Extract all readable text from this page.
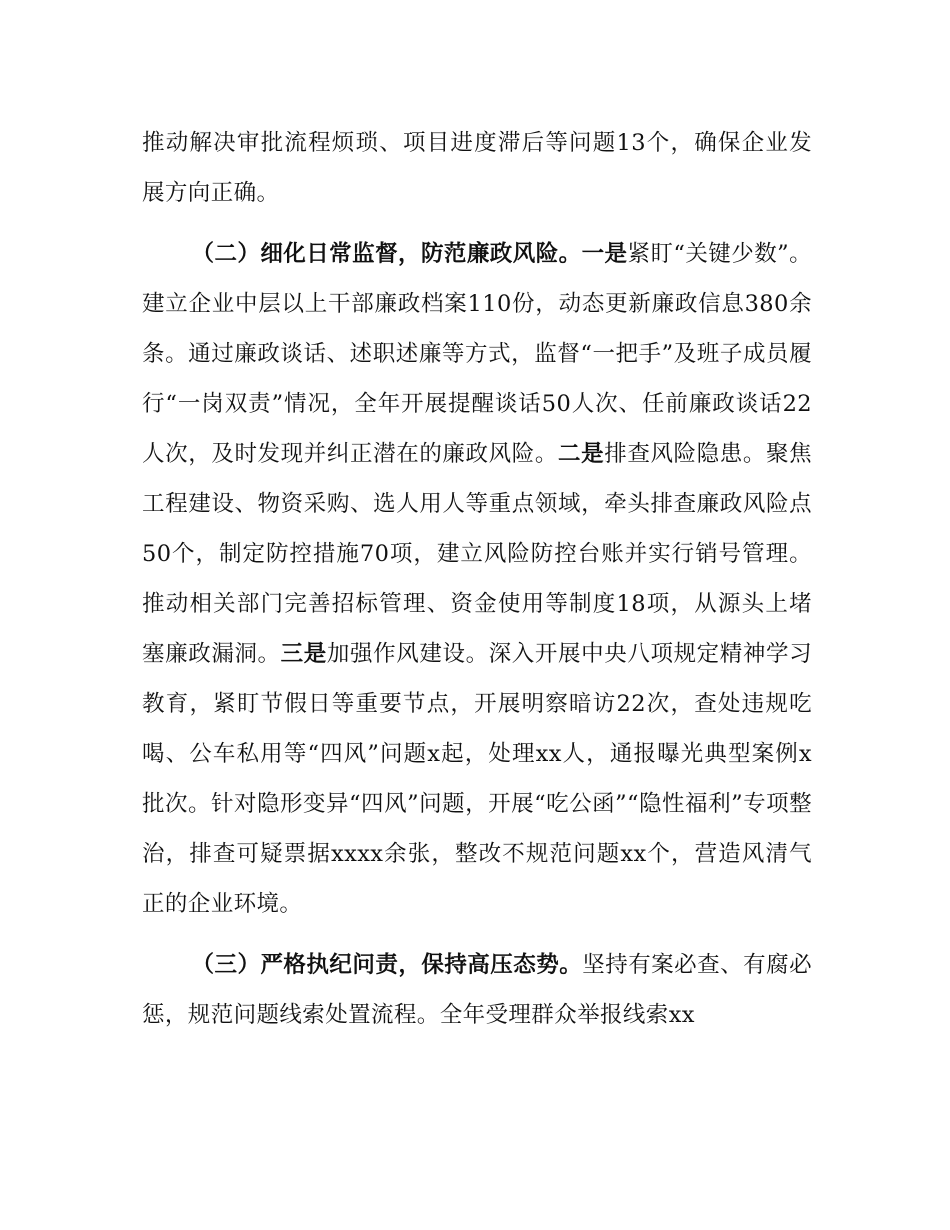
推动解决审批流程烦琐、项目进度滞后等问题13个，确保企业发展方向正确。

（二）细化日常监督，防范廉政风险。一是紧盯“关键少数”。建立企业中层以上干部廉政档案110份，动态更新廉政信息380余条。通过廉政谈话、述职述廉等方式，监督“一把手”及班子成员履行“一岗双责”情况，全年开展提醒谈话50人次、任前廉政谈话22人次，及时发现并纠正潜在的廉政风险。二是排查风险隐患。聚焦工程建设、物资采购、选人用人等重点领域，牵头排查廉政风险点50个，制定防控措施70项，建立风险防控台账并实行销号管理。推动相关部门完善招标管理、资金使用等制度18项，从源头上堵塞廉政漏洞。三是加强作风建设。深入开展中央八项规定精神学习教育，紧盯节假日等重要节点，开展明察暗访22次，查处违规吃喝、公车私用等“四风”问题x起，处理xx人，通报曝光典型案例x批次。针对隐形变异“四风”问题，开展“吃公函”“隐性福利”专项整治，排查可疑票据xxxx余张，整改不规范问题xx个，营造风清气正的企业环境。

（三）严格执纪问责，保持高压态势。坚持有案必查、有腐必惩，规范问题线索处置流程。全年受理群众举报线索xx
